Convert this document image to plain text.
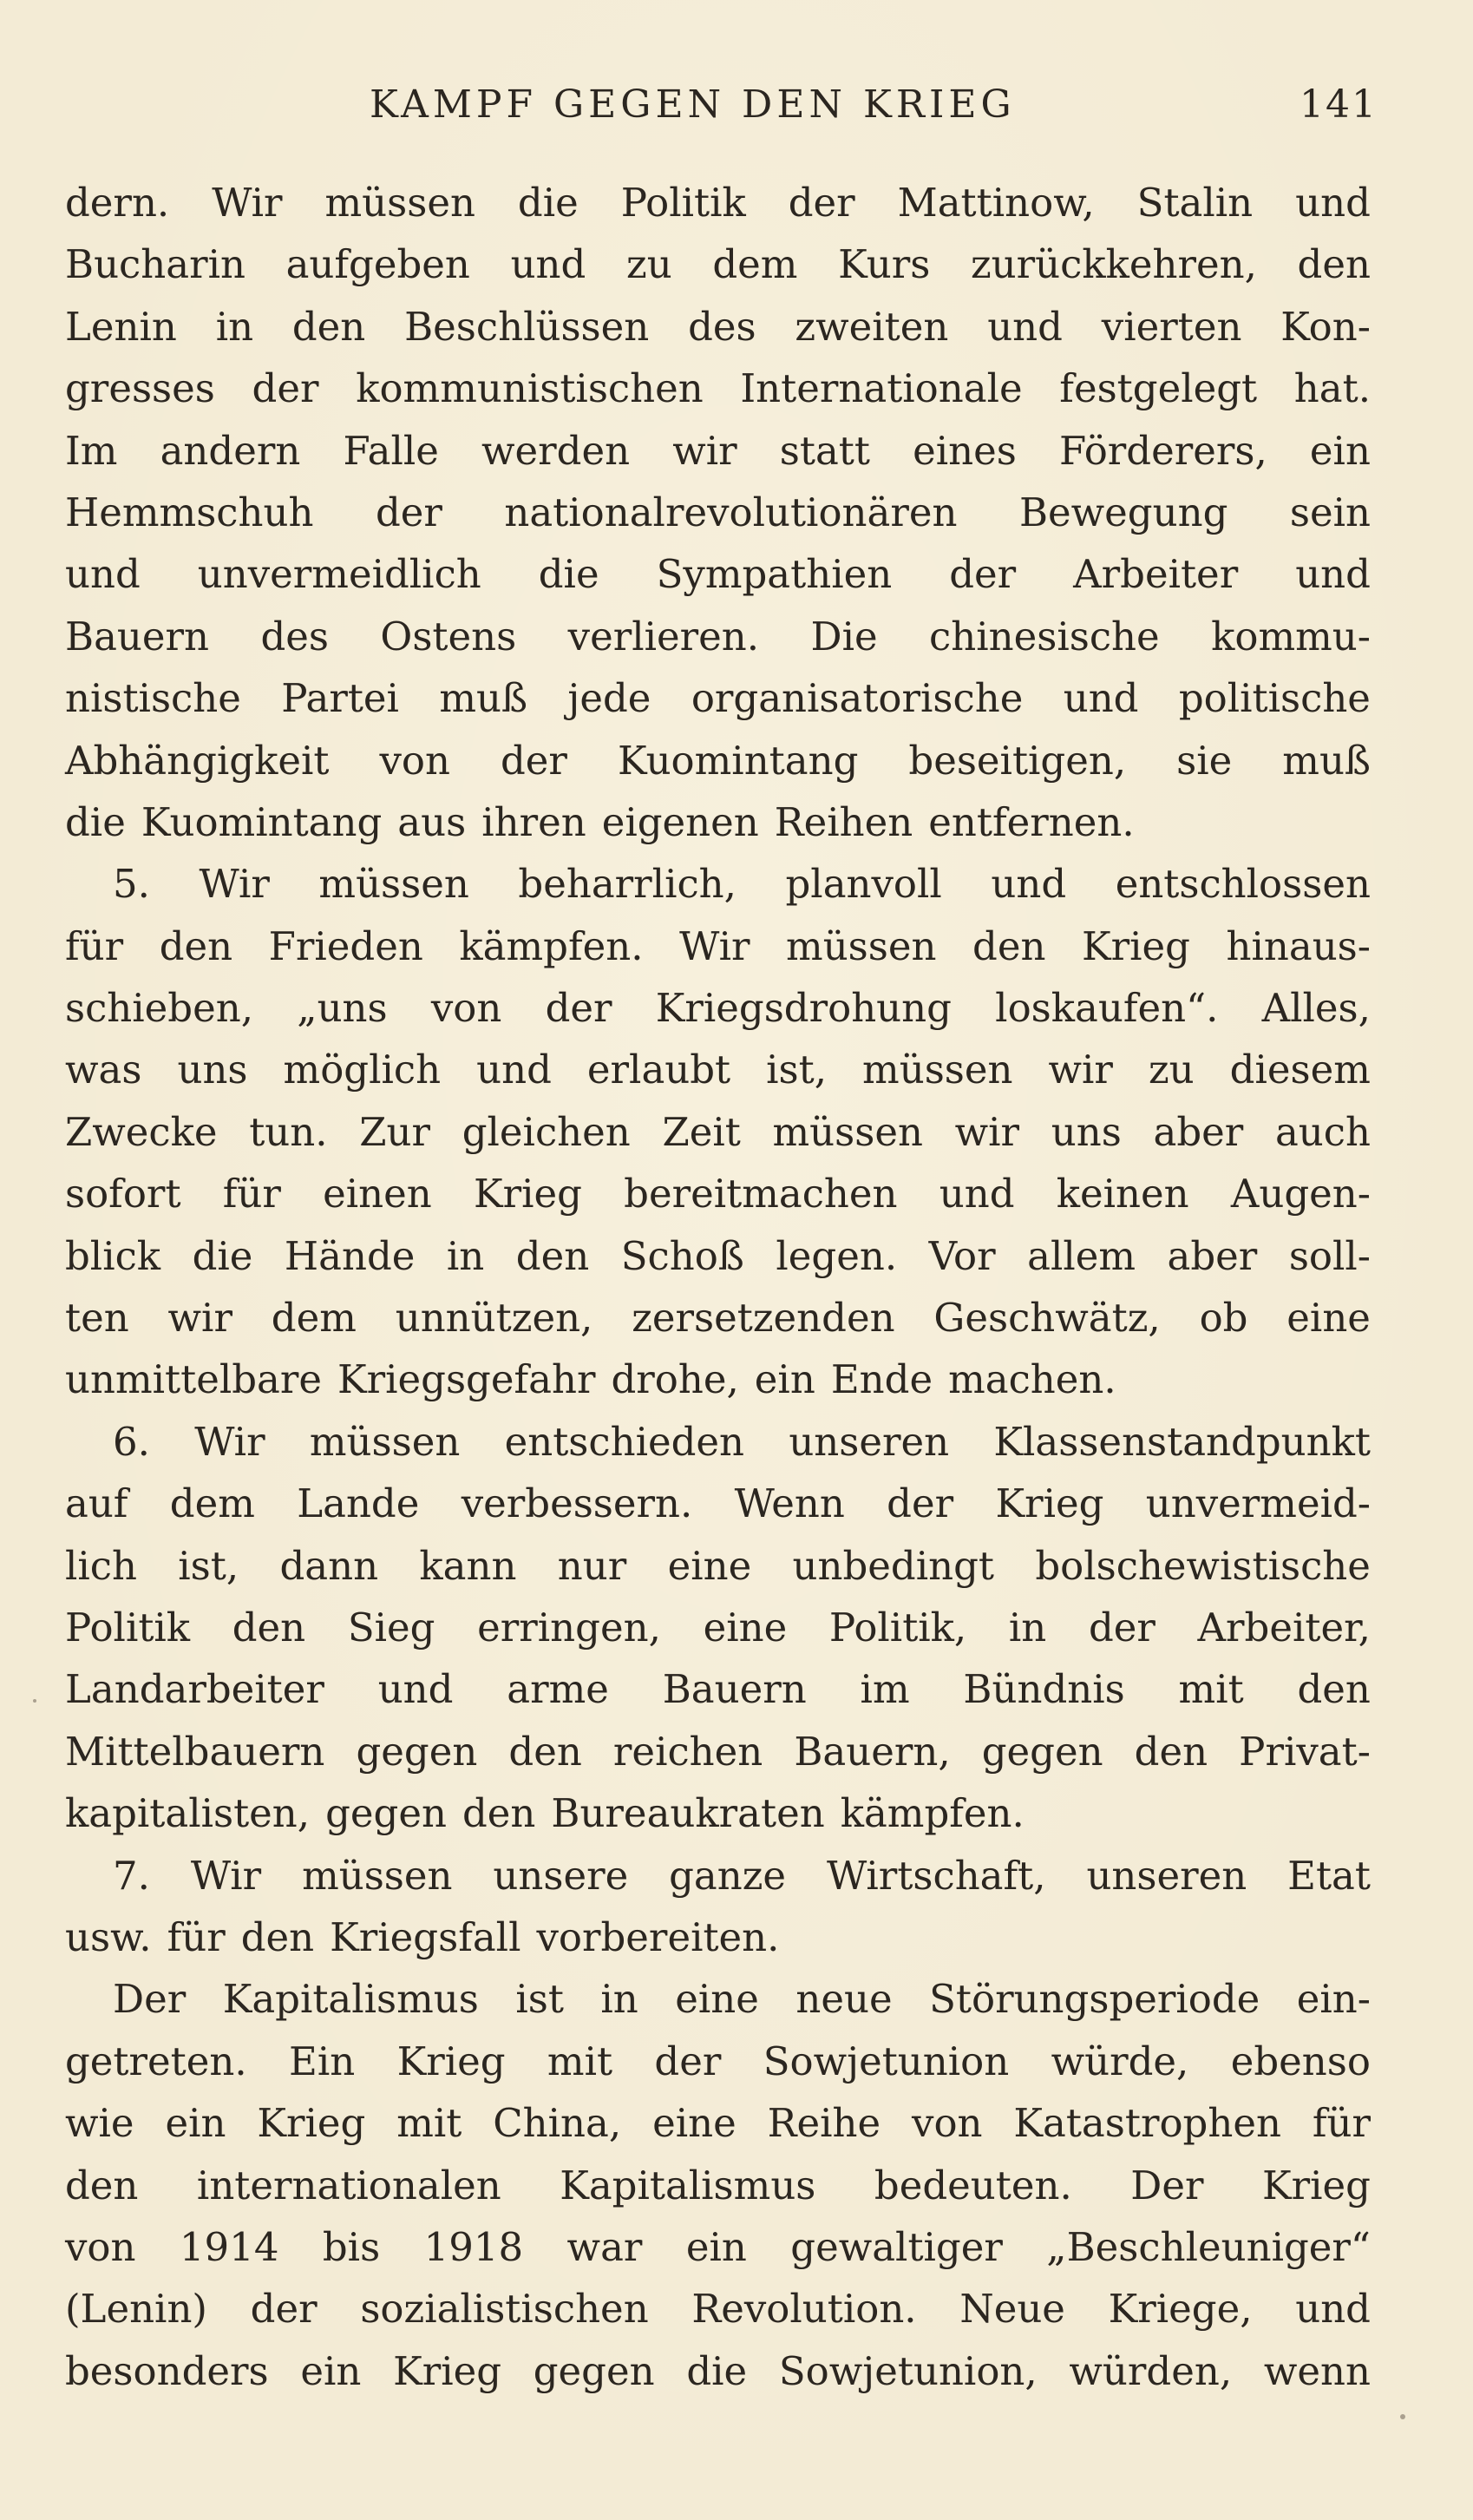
KAMPF GEGEN DEN KRIEG	141
dern. Wir müssen die Politik der Mattinow, Stalin und
Bucharin aufgeben und zu dem Kurs zurückkehren, den
Lenin in den Beschlüssen des zweiten und vierten Kon-
gresses der kommunistischen Internationale festgelegt hat.
Im andern Falle werden wir statt eines Förderers, ein
Hemmschuh der nationalrevolutionären Bewegung sein
und unvermeidlich die Sympathien der Arbeiter und
Bauern des Ostens verlieren. Die chinesische kommu-
nistische Partei muß jede organisatorische und politische
Abhängigkeit von der Kuomintang beseitigen, sie muß
die Kuomintang aus ihren eigenen Reihen entfernen.
5. Wir müssen beharrlich, planvoll und entschlossen
für den Frieden kämpfen. Wir müssen den Krieg hinaus-
schieben, „uns von der Kriegsdrohung loskaufen“. Alles,
was uns möglich und erlaubt ist, müssen wir zu diesem
Zwecke tun. Zur gleichen Zeit müssen wir uns aber auch
sofort für einen Krieg bereitmachen und keinen Augen-
blick die Hände in den Schoß legen. Vor allem aber soll-
ten wir dem unnützen, zersetzenden Geschwätz, ob eine
unmittelbare Kriegsgefahr drohe, ein Ende machen.
6. Wir müssen entschieden unseren Klassenstandpunkt
auf dem Lande verbessern. Wenn der Krieg unvermeid-
lich ist, dann kann nur eine unbedingt bolschewistische
Politik den Sieg erringen, eine Politik, in der Arbeiter,
Landarbeiter und arme Bauern im Bündnis mit den
Mittelbauern gegen den reichen Bauern, gegen den Privat-
kapitalisten, gegen den Bureaukraten kämpfen.
7. Wir müssen unsere ganze Wirtschaft, unseren Etat
usw. für den Kriegsfall vorbereiten.
Der Kapitalismus ist in eine neue Störungsperiode ein-
getreten. Ein Krieg mit der Sowjetunion würde, ebenso
wie ein Krieg mit China, eine Reihe von Katastrophen für
den internationalen Kapitalismus bedeuten. Der Krieg
von 1914 bis 1918 war ein gewaltiger „Beschleuniger“
(Lenin) der sozialistischen Revolution. Neue Kriege, und
besonders ein Krieg gegen die Sowjetunion, würden, wenn
